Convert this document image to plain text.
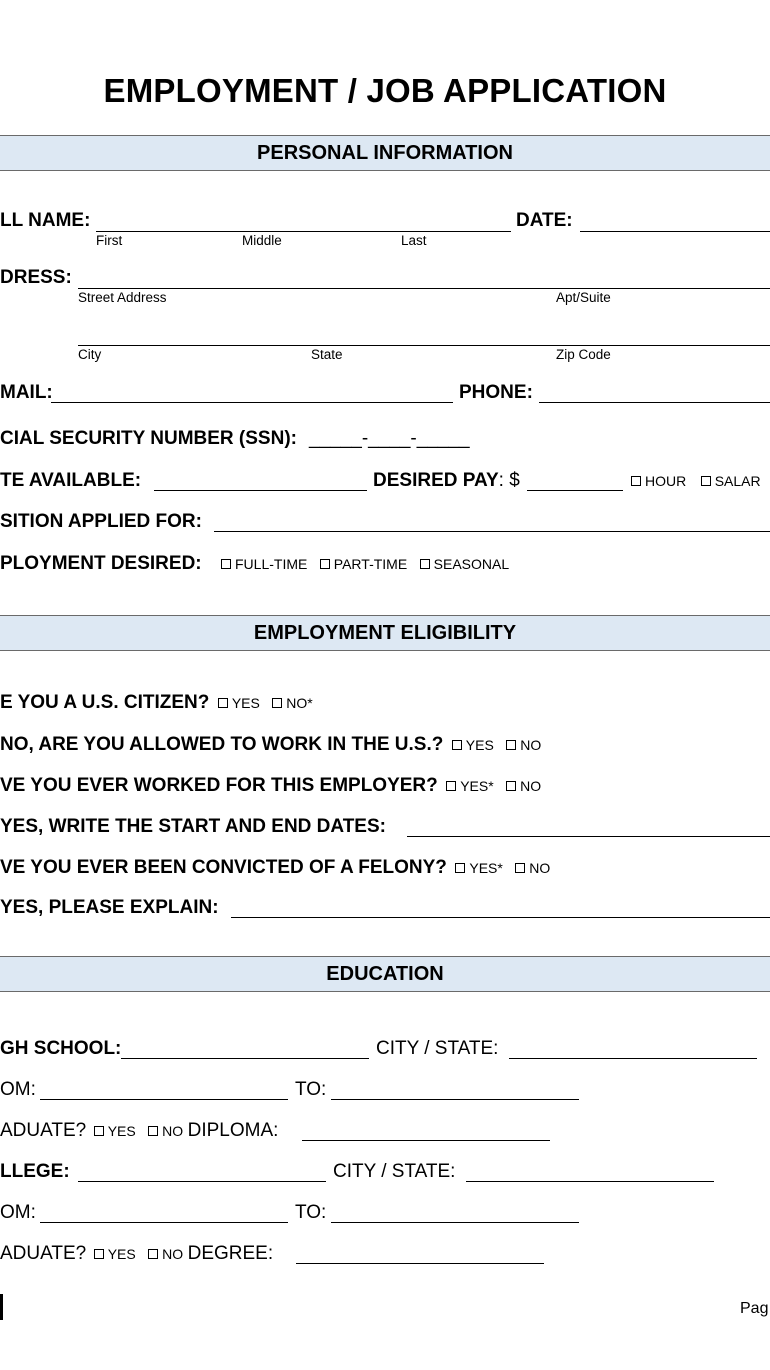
EMPLOYMENT / JOB APPLICATION
PERSONAL INFORMATION
LL NAME:
First	Middle	Last
DATE:
DRESS:
Street Address	Apt/Suite
City	State	Zip Code
MAIL:	PHONE:
CIAL SECURITY NUMBER (SSN): _____-____-_____
TE AVAILABLE:	DESIRED PAY: $	HOUR SALAR
SITION APPLIED FOR:
PLOYMENT DESIRED:	FULL-TIME PART-TIME SEASONAL
EMPLOYMENT ELIGIBILITY
E YOU A U.S. CITIZEN? YES NO*
NO, ARE YOU ALLOWED TO WORK IN THE U.S.? YES NO
VE YOU EVER WORKED FOR THIS EMPLOYER? YES* NO
YES, WRITE THE START AND END DATES:
VE YOU EVER BEEN CONVICTED OF A FELONY? YES* NO
YES, PLEASE EXPLAIN:
EDUCATION
GH SCHOOL:	CITY / STATE:
OM:	TO:
ADUATE? YES NO DIPLOMA:
LLEGE:	CITY / STATE:
OM:	TO:
ADUATE? YES NO DEGREE:
Pag
